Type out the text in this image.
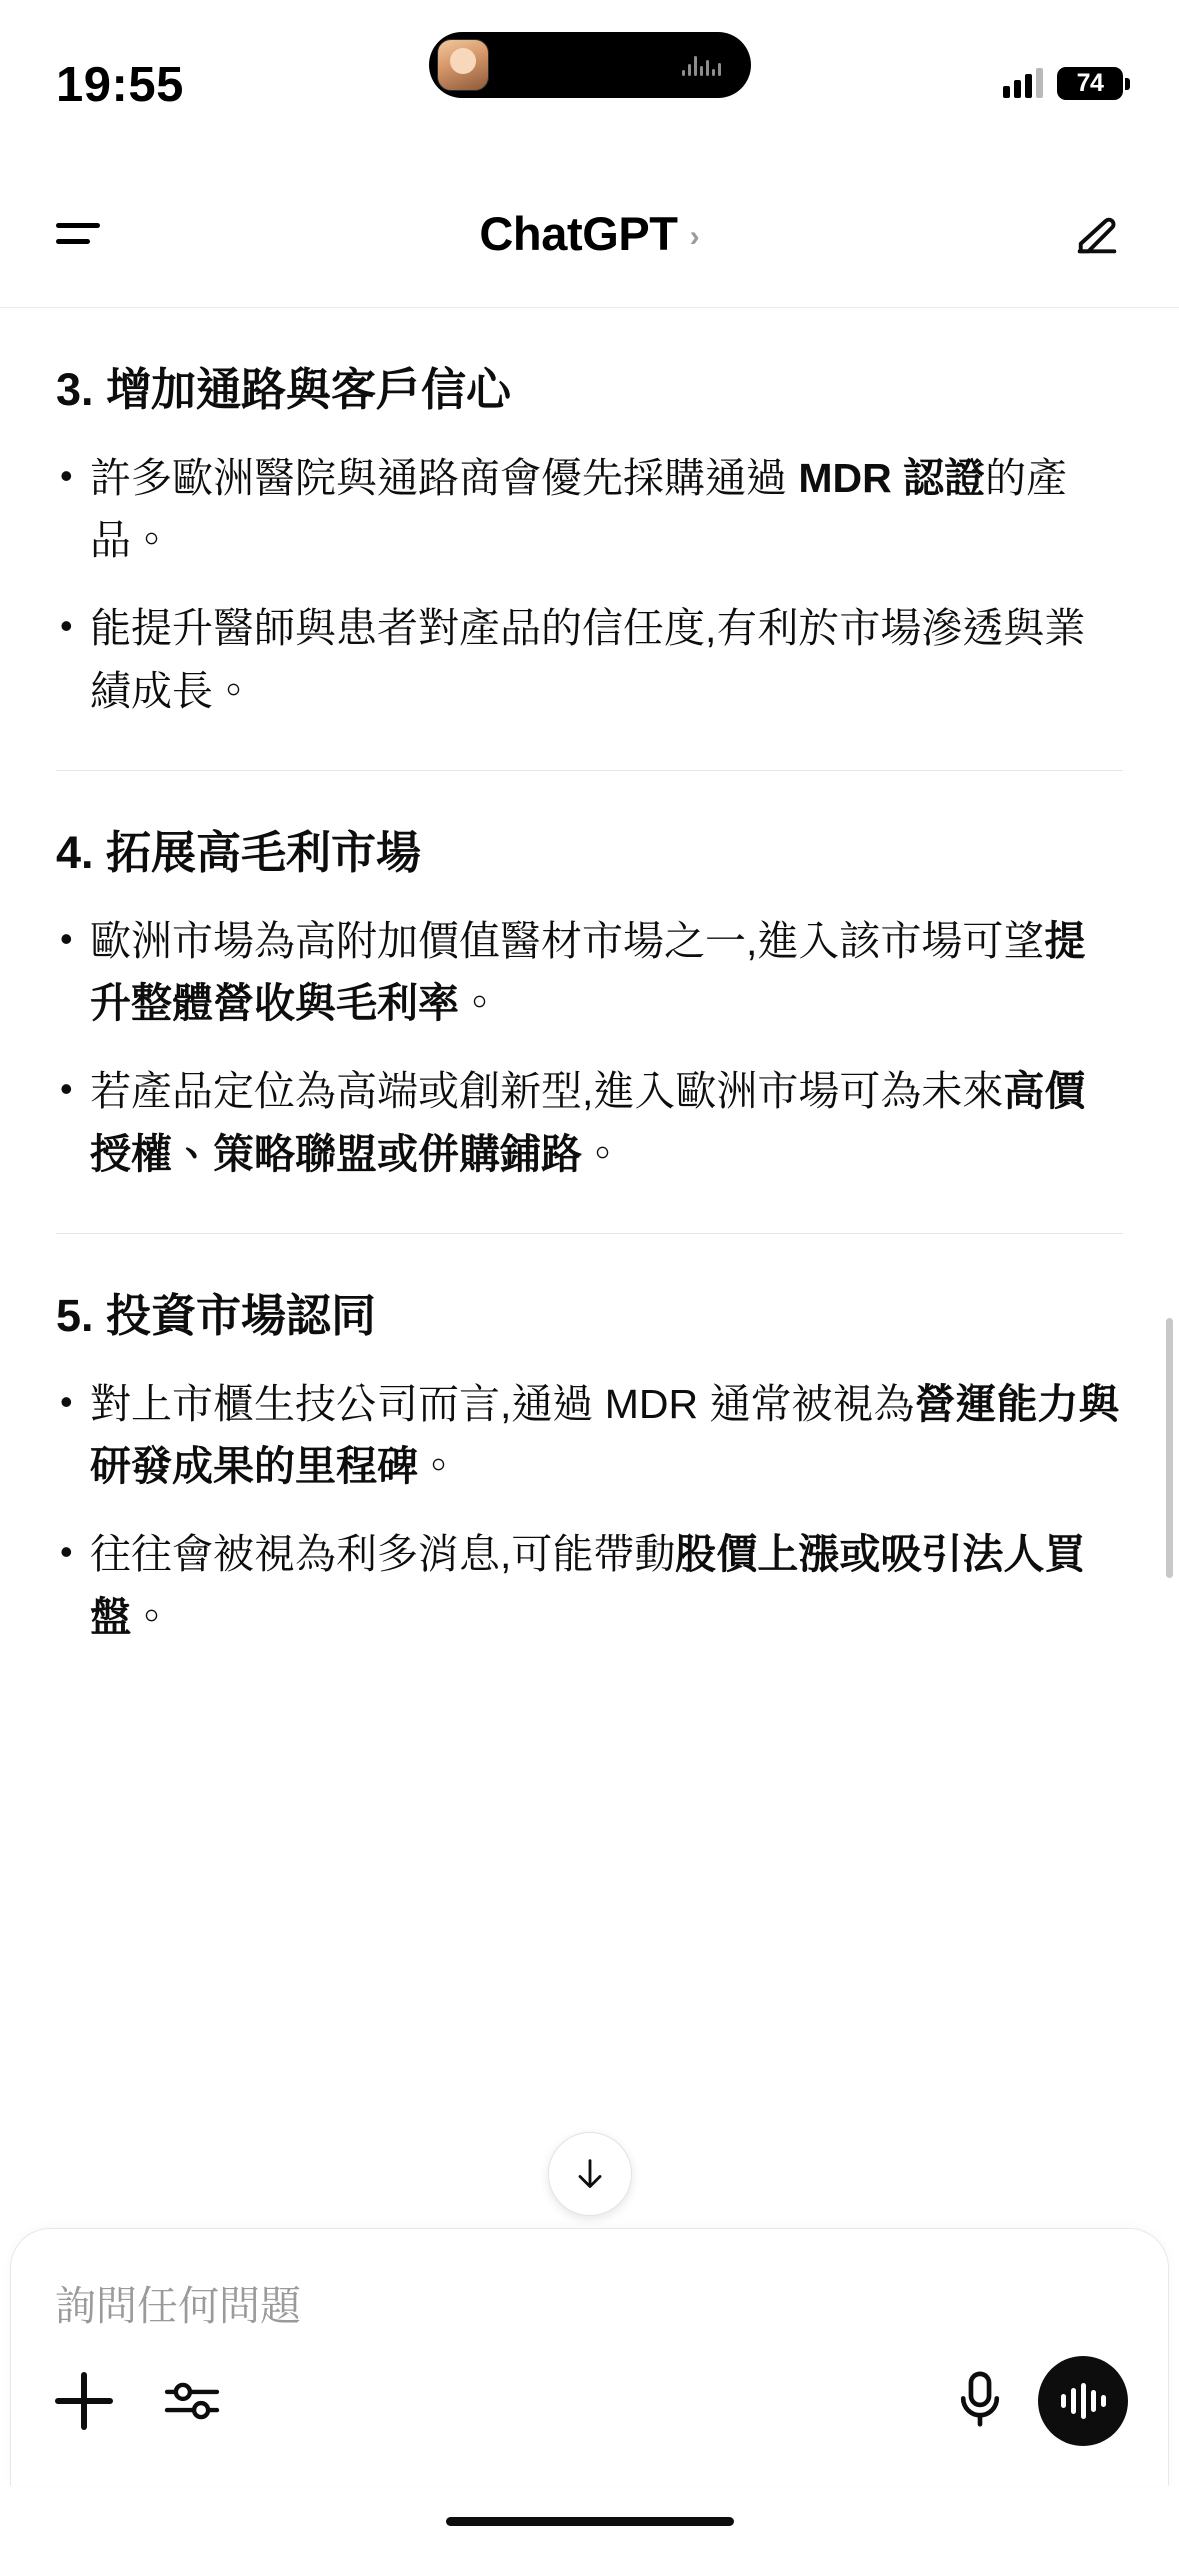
19:55	74
ChatGPT ›
3. 增加通路與客戶信心
• 許多歐洲醫院與通路商會優先採購通過 MDR 認證的產品。
• 能提升醫師與患者對產品的信任度,有利於市場滲透與業績成長。
4. 拓展高毛利市場
• 歐洲市場為高附加價值醫材市場之一,進入該市場可望提升整體營收與毛利率。
• 若產品定位為高端或創新型,進入歐洲市場可為未來高價授權、策略聯盟或併購鋪路。
5. 投資市場認同
• 對上市櫃生技公司而言,通過 MDR 通常被視為營運能力與研發成果的里程碑。
• 往往會被視為利多消息,可能帶動股價上漲或吸引法人買盤。
詢問任何問題
